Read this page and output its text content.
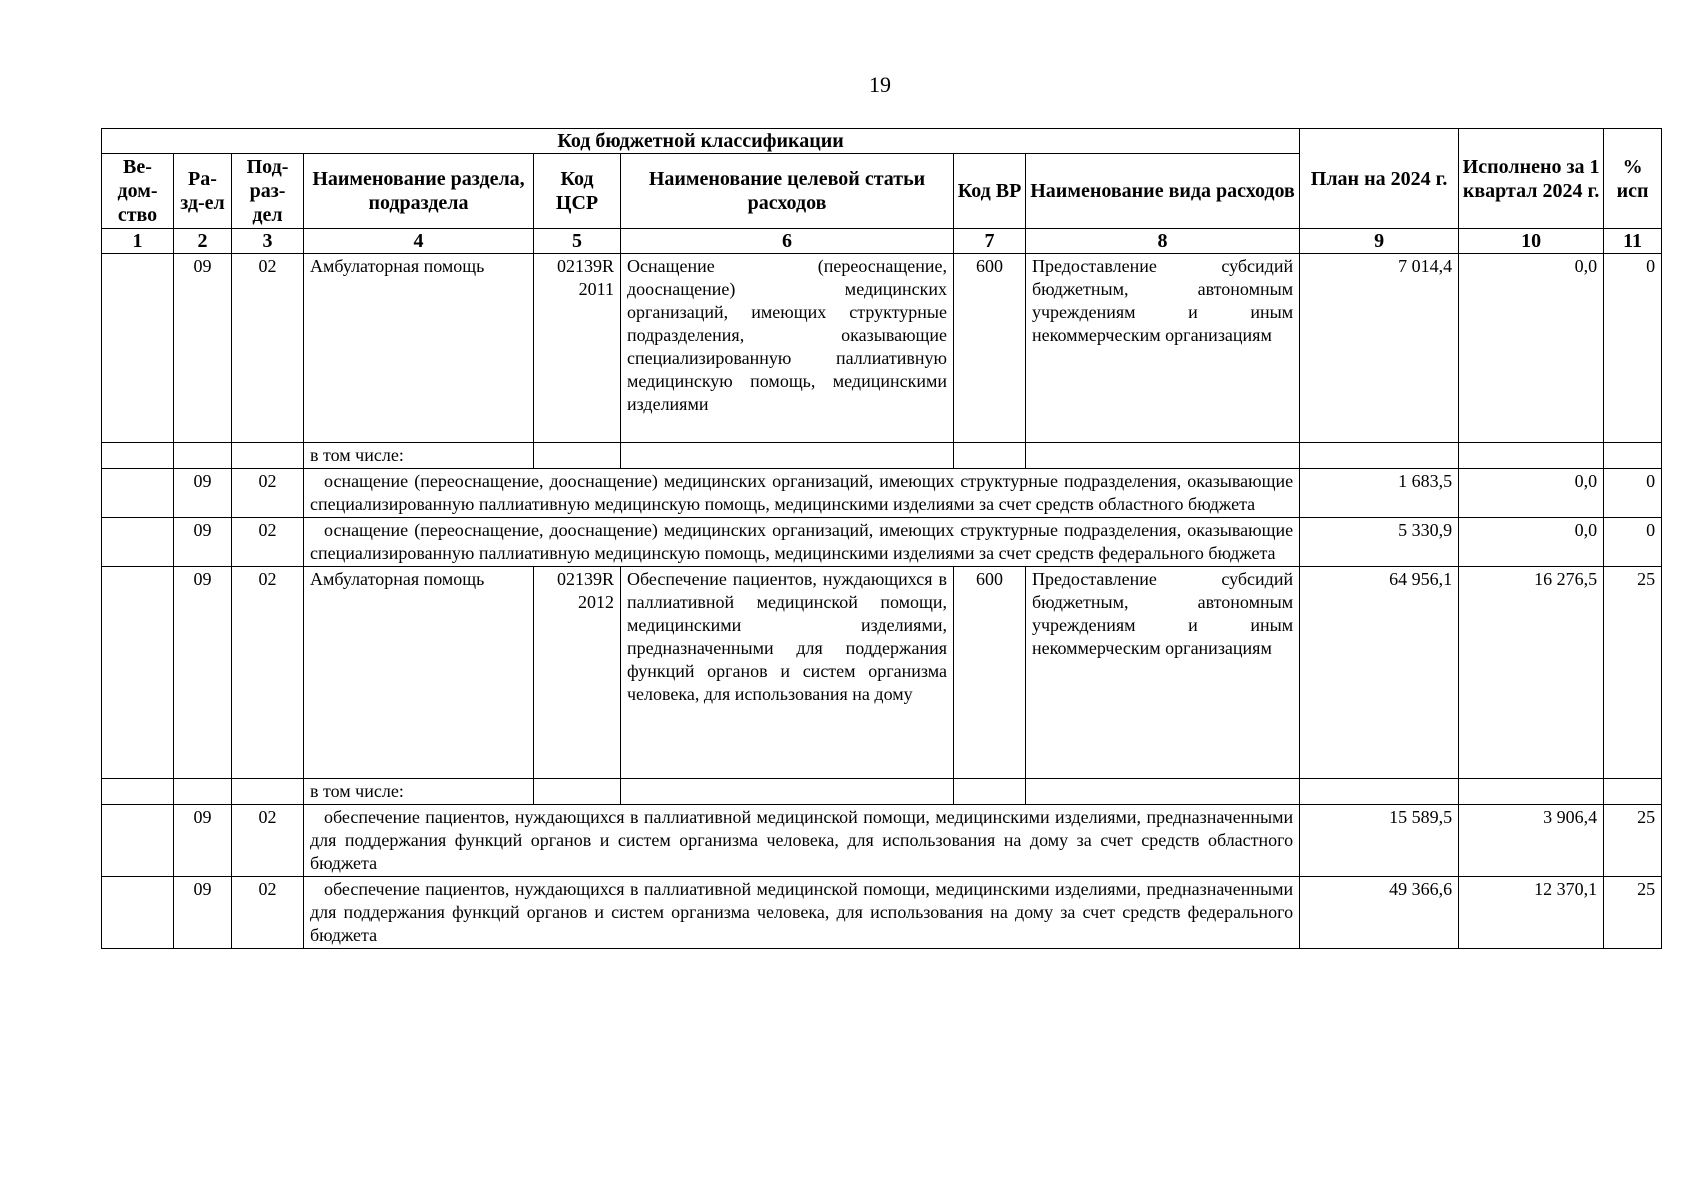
19
Код бюджетной классификации								План на 2024 г.	Исполнено за 1 квартал 2024 г.	% исп
Ве-дом-ство	Ра-зд-ел	Под-раз-дел	Наименование раздела, подраздела	Код ЦСР	Наименование целевой статьи расходов	Код ВР	Наименование вида расходов			
1	2	3	4	5	6	7	8	9	10	11
	09	02	Амбулаторная помощь	02139R 2011	Оснащение (переоснащение, дооснащение) медицинских организаций, имеющих структурные подразделения, оказывающие специализированную паллиативную медицинскую помощь, медицинскими изделиями	600	Предоставление субсидий бюджетным, автономным учреждениям и иным некоммерческим организациям	7 014,4	0,0	0
			в том числе:							
	09	02	оснащение (переоснащение, дооснащение) медицинских организаций, имеющих структурные подразделения, оказывающие специализированную паллиативную медицинскую помощь, медицинскими изделиями за счет средств областного бюджета					1 683,5	0,0	0
	09	02	оснащение (переоснащение, дооснащение) медицинских организаций, имеющих структурные подразделения, оказывающие специализированную паллиативную медицинскую помощь, медицинскими изделиями за счет средств федерального бюджета					5 330,9	0,0	0
	09	02	Амбулаторная помощь	02139R 2012	Обеспечение пациентов, нуждающихся в паллиативной медицинской помощи, медицинскими изделиями, предназначенными для поддержания функций органов и систем организма человека, для использования на дому	600	Предоставление субсидий бюджетным, автономным учреждениям и иным некоммерческим организациям	64 956,1	16 276,5	25
			в том числе:							
	09	02	обеспечение пациентов, нуждающихся в паллиативной медицинской помощи, медицинскими изделиями, предназначенными для поддержания функций органов и систем организма человека, для использования на дому за счет средств областного бюджета					15 589,5	3 906,4	25
	09	02	обеспечение пациентов, нуждающихся в паллиативной медицинской помощи, медицинскими изделиями, предназначенными для поддержания функций органов и систем организма человека, для использования на дому за счет средств федерального бюджета					49 366,6	12 370,1	25
